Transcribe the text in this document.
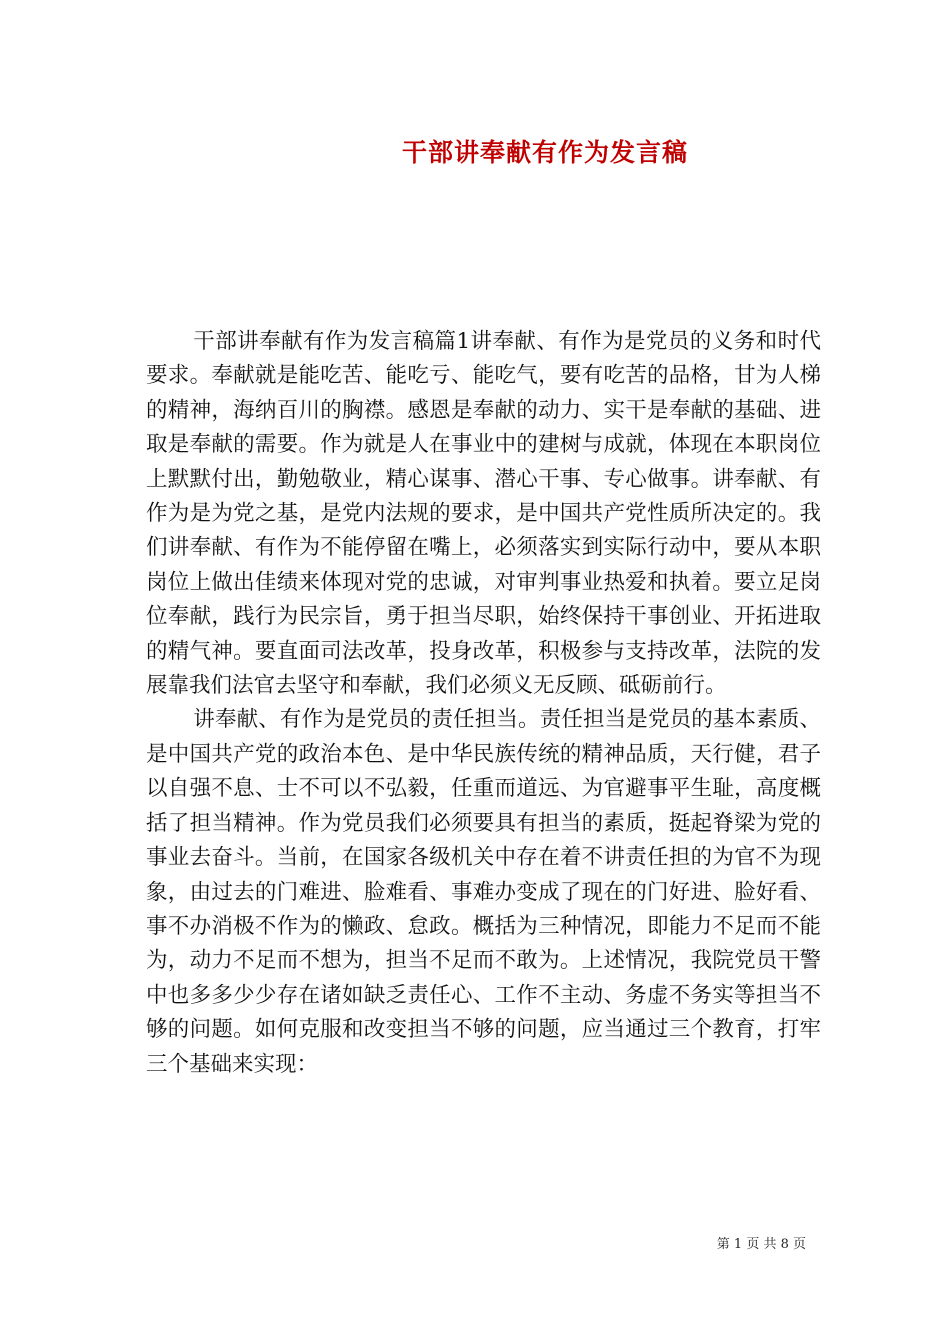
干部讲奉献有作为发言稿

干部讲奉献有作为发言稿篇1讲奉献、有作为是党员的义务和时代要求。奉献就是能吃苦、能吃亏、能吃气，要有吃苦的品格，甘为人梯的精神，海纳百川的胸襟。感恩是奉献的动力、实干是奉献的基础、进取是奉献的需要。作为就是人在事业中的建树与成就，体现在本职岗位上默默付出，勤勉敬业，精心谋事、潜心干事、专心做事。讲奉献、有作为是为党之基，是党内法规的要求，是中国共产党性质所决定的。我们讲奉献、有作为不能停留在嘴上，必须落实到实际行动中，要从本职岗位上做出佳绩来体现对党的忠诚，对审判事业热爱和执着。要立足岗位奉献，践行为民宗旨，勇于担当尽职，始终保持干事创业、开拓进取的精气神。要直面司法改革，投身改革，积极参与支持改革，法院的发展靠我们法官去坚守和奉献，我们必须义无反顾、砥砺前行。

讲奉献、有作为是党员的责任担当。责任担当是党员的基本素质、是中国共产党的政治本色、是中华民族传统的精神品质，天行健，君子以自强不息、士不可以不弘毅，任重而道远、为官避事平生耻，高度概括了担当精神。作为党员我们必须要具有担当的素质，挺起脊梁为党的事业去奋斗。当前，在国家各级机关中存在着不讲责任担的为官不为现象，由过去的门难进、脸难看、事难办变成了现在的门好进、脸好看、事不办消极不作为的懒政、怠政。概括为三种情况，即能力不足而不能为，动力不足而不想为，担当不足而不敢为。上述情况，我院党员干警中也多多少少存在诸如缺乏责任心、工作不主动、务虚不务实等担当不够的问题。如何克服和改变担当不够的问题，应当通过三个教育，打牢三个基础来实现：

第 1 页 共 8 页
